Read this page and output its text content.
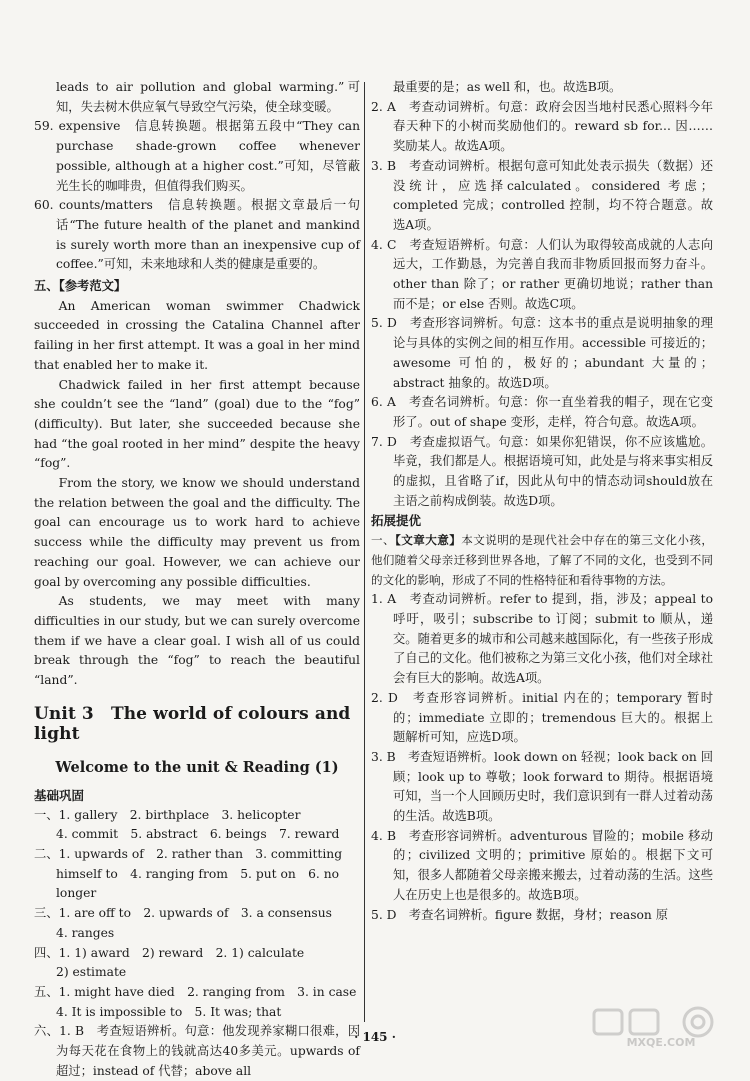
leads to air pollution and global warming.”可知，失去树木供应氧气导致空气污染，使全球变暖。

59. expensive　信息转换题。根据第五段中“They can purchase shade-grown coffee whenever possible, although at a higher cost.”可知，尽管蔽光生长的咖啡贵，但值得我们购买。

60. counts/matters　信息转换题。根据文章最后一句话“The future health of the planet and mankind is surely worth more than an inexpensive cup of coffee.”可知，未来地球和人类的健康是重要的。

五、【参考范文】

An American woman swimmer Chadwick succeeded in crossing the Catalina Channel after failing in her first attempt. It was a goal in her mind that enabled her to make it.

Chadwick failed in her first attempt because she couldn’t see the “land” (goal) due to the “fog” (difficulty). But later, she succeeded because she had “the goal rooted in her mind” despite the heavy “fog”.

From the story, we know we should understand the relation between the goal and the difficulty. The goal can encourage us to work hard to achieve success while the difficulty may prevent us from reaching our goal. However, we can achieve our goal by overcoming any possible difficulties.

As students, we may meet with many difficulties in our study, but we can surely overcome them if we have a clear goal. I wish all of us could break through the “fog” to reach the beautiful “land”.

Unit 3　The world of colours and light
Welcome to the unit & Reading (1)

基础巩固

一、1. gallery　2. birthplace　3. helicopter

4. commit　5. abstract　6. beings　7. reward

二、1. upwards of　2. rather than　3. committing

himself to　4. ranging from　5. put on　6. no

longer

三、1. are off to　2. upwards of　3. a consensus

4. ranges

四、1. 1) award　2) reward　2. 1) calculate

2) estimate

五、1. might have died　2. ranging from　3. in case

4. It is impossible to　5. It was; that

六、1. B　考查短语辨析。句意：他发现养家糊口很难，因为每天花在食物上的钱就高达40多美元。upwards of 超过；instead of 代替；above all

最重要的是；as well 和，也。故选B项。

2. A　考查动词辨析。句意：政府会因当地村民悉心照料今年春天种下的小树而奖励他们的。reward sb for... 因……奖励某人。故选A项。

3. B　考查动词辨析。根据句意可知此处表示损失（数据）还没统计，应选择calculated。considered 考虑；completed 完成；controlled 控制，均不符合题意。故选A项。

4. C　考查短语辨析。句意：人们认为取得较高成就的人志向远大，工作勤恳，为完善自我而非物质回报而努力奋斗。other than 除了；or rather 更确切地说；rather than 而不是；or else 否则。故选C项。

5. D　考查形容词辨析。句意：这本书的重点是说明抽象的理论与具体的实例之间的相互作用。accessible 可接近的；awesome 可怕的，极好的；abundant 大量的；abstract 抽象的。故选D项。

6. A　考查名词辨析。句意：你一直坐着我的帽子，现在它变形了。out of shape 变形，走样，符合句意。故选A项。

7. D　考查虚拟语气。句意：如果你犯错误，你不应该尴尬。毕竟，我们都是人。根据语境可知，此处是与将来事实相反的虚拟，且省略了if，因此从句中的情态动词should放在主语之前构成倒装。故选D项。

拓展提优

一、【文章大意】本文说明的是现代社会中存在的第三文化小孩，他们随着父母亲迁移到世界各地，了解了不同的文化，也受到不同的文化的影响，形成了不同的性格特征和看待事物的方法。

1. A　考查动词辨析。refer to 提到，指，涉及；appeal to 呼吁，吸引；subscribe to 订阅；submit to 顺从，递交。随着更多的城市和公司越来越国际化，有一些孩子形成了自己的文化。他们被称之为第三文化小孩，他们对全球社会有巨大的影响。故选A项。

2. D　考查形容词辨析。initial 内在的；temporary 暂时的；immediate 立即的；tremendous 巨大的。根据上题解析可知，应选D项。

3. B　考查短语辨析。look down on 轻视；look back on 回顾；look up to 尊敬；look forward to 期待。根据语境可知，当一个人回顾历史时，我们意识到有一群人过着动荡的生活。故选B项。

4. B　考查形容词辨析。adventurous 冒险的；mobile 移动的；civilized 文明的；primitive 原始的。根据下文可知，很多人都随着父母亲搬来搬去，过着动荡的生活。这些人在历史上也是很多的。故选B项。

5. D　考查名词辨析。figure 数据，身材；reason 原

· 145 ·	MXQE.COM
